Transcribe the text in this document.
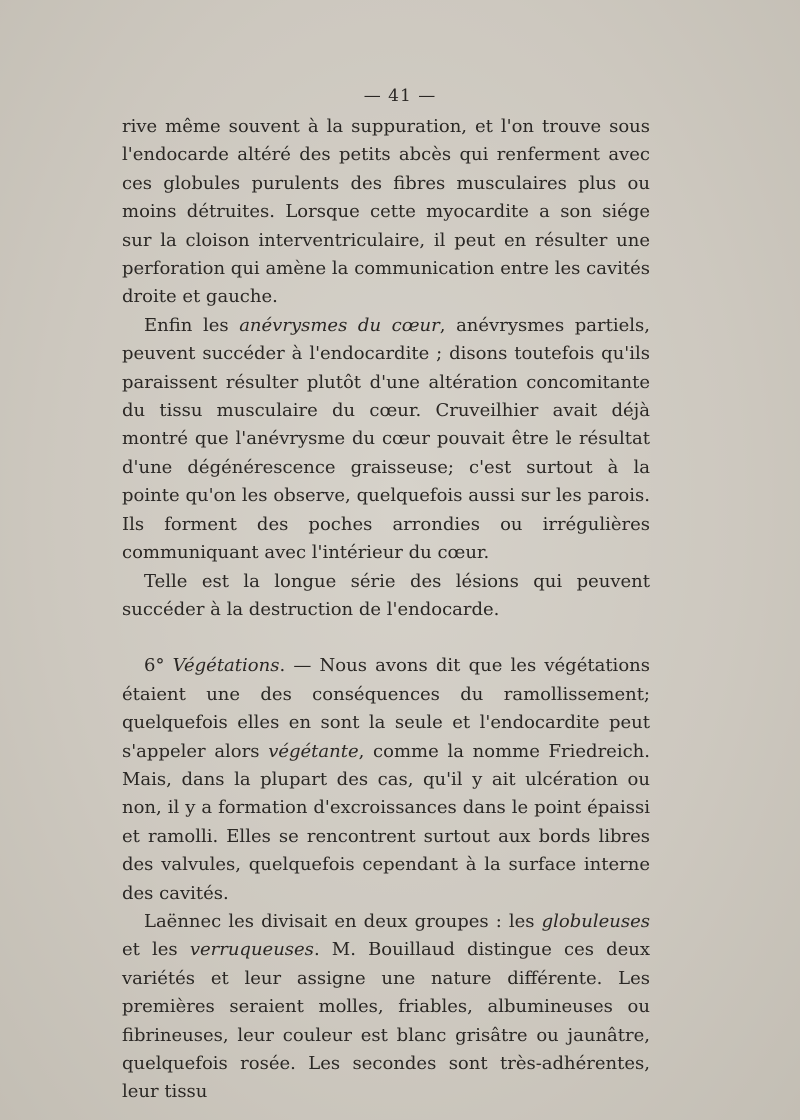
— 41 —

rive même souvent à la suppuration, et l'on trouve sous l'endocarde altéré des petits abcès qui renferment avec ces globules purulents des fibres musculaires plus ou moins détruites. Lorsque cette myocardite a son siége sur la cloison interventriculaire, il peut en résulter une perforation qui amène la communication entre les cavités droite et gauche.

Enfin les anévrysmes du cœur, anévrysmes partiels, peuvent succéder à l'endocardite ; disons toutefois qu'ils paraissent résulter plutôt d'une altération concomitante du tissu musculaire du cœur. Cruveilhier avait déjà montré que l'anévrysme du cœur pouvait être le résultat d'une dégénérescence graisseuse; c'est surtout à la pointe qu'on les observe, quelquefois aussi sur les parois. Ils forment des poches arrondies ou irrégulières communiquant avec l'intérieur du cœur.

Telle est la longue série des lésions qui peuvent succéder à la destruction de l'endocarde.

6° Végétations. — Nous avons dit que les végétations étaient une des conséquences du ramollissement; quelquefois elles en sont la seule et l'endocardite peut s'appeler alors végétante, comme la nomme Friedreich. Mais, dans la plupart des cas, qu'il y ait ulcération ou non, il y a formation d'excroissances dans le point épaissi et ramolli. Elles se rencontrent surtout aux bords libres des valvules, quelquefois cependant à la surface interne des cavités.

Laënnec les divisait en deux groupes : les globuleuses et les verruqueuses. M. Bouillaud distingue ces deux variétés et leur assigne une nature différente. Les premières seraient molles, friables, albumineuses ou fibrineuses, leur couleur est blanc grisâtre ou jaunâtre, quelquefois rosée. Les secondes sont très-adhérentes, leur tissu
